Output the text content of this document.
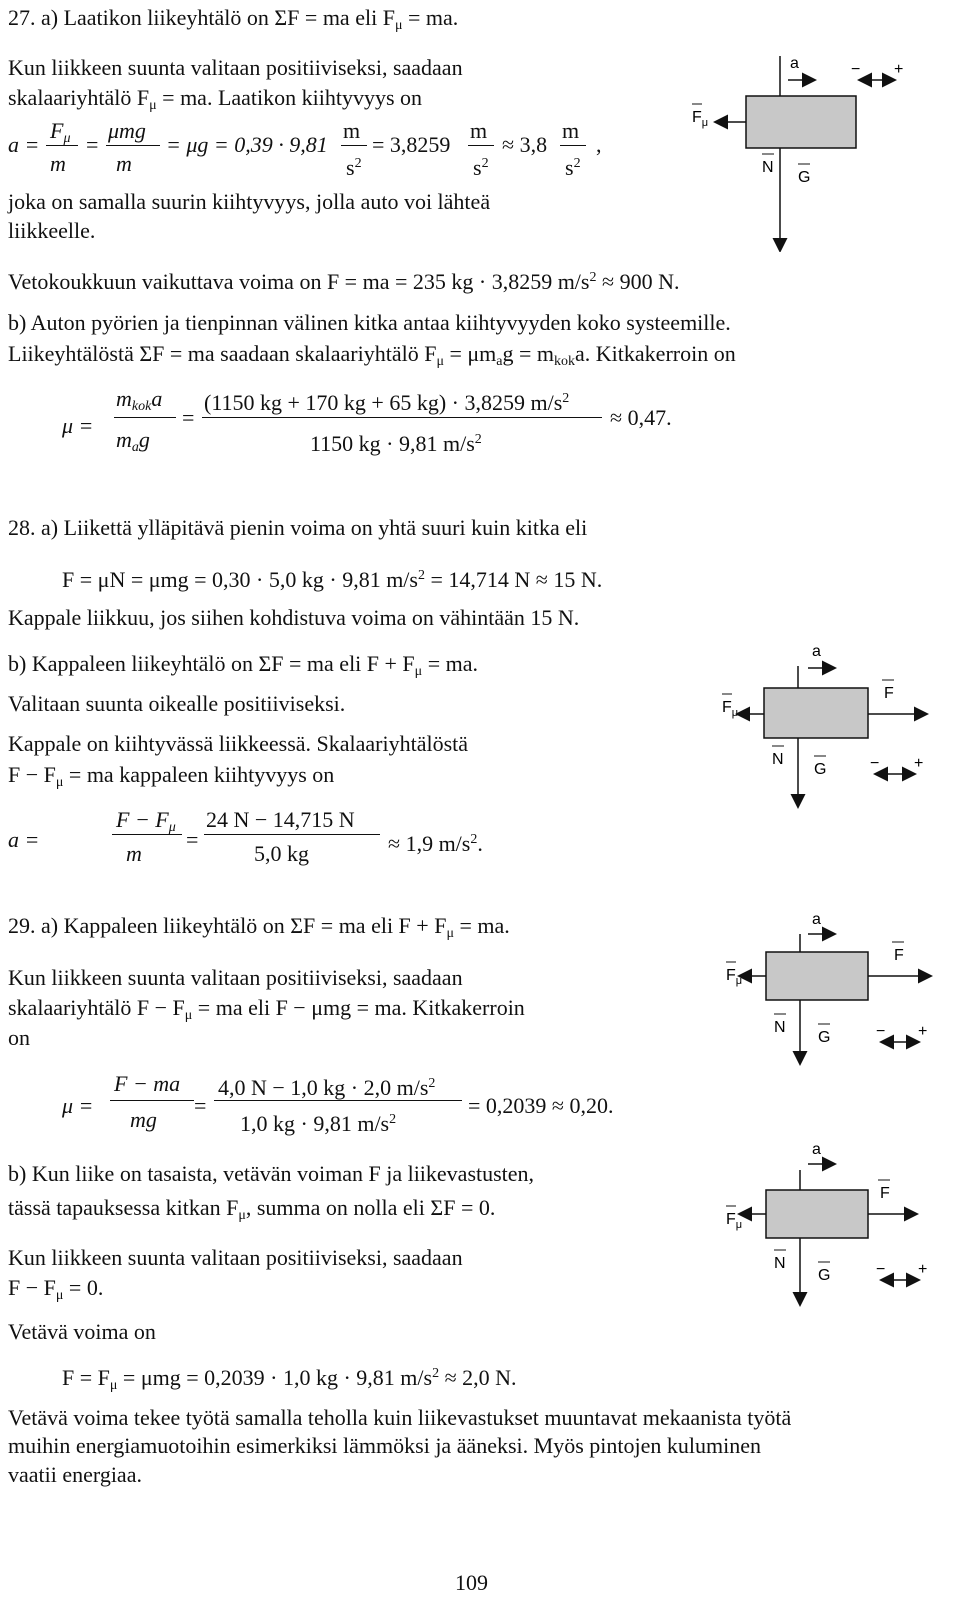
27. a) Laatikon liikeyhtälö on ΣF = ma eli $F_\mu$ = ma.
Kun liikkeen suunta valitaan positiiviseksi, saadaan
skalaariyhtälö $F_\mu$ = ma. Laatikon kiihtyvyys on
a =
$F_\mu$
m
=
μmg
m
= μg = 0,39 · 9,81
m
$s^2$
= 3,8259
m
$s^2$
≈ 3,8
m
$s^2$
,
joka on samalla suurin kiihtyvyys, jolla auto voi lähteä
liikkeelle.
Vetokoukkuun vaikuttava voima on F = ma = 235 kg · 3,8259 $m/s^2 \approx 900$ N.
b) Auton pyörien ja tienpinnan välinen kitka antaa kiihtyvyyden koko systeemille.
Liikeyhtälöstä ΣF = ma saadaan skalaariyhtälö $F_\mu = \mu m_ag = m_{kok}a$. Kitkakerroin on
μ =
$m_{kok}a$
$m_ag$
=
(1150 kg + 170 kg + 65 kg) · 3,8259 $m/s^2$
1150 kg · 9,81 $m/s^2$
≈ 0,47.
a	− +
$F_\mu$
N
G
28. a) Liikettä ylläpitävä pienin voima on yhtä suuri kuin kitka eli
F = μN = μmg = 0,30 · 5,0 kg · 9,81 $m/s^2 = 14,714$ N ≈ 15 N.
Kappale liikkuu, jos siihen kohdistuva voima on vähintään 15 N.
b) Kappaleen liikeyhtälö on ΣF = ma eli $F + F_\mu$ = ma.
Valitaan suunta oikealle positiiviseksi.
Kappale on kiihtyvässä liikkeessä. Skalaariyhtälöstä
$F - F_\mu$ = ma kappaleen kiihtyvyys on
a =
$F - F_\mu$
m
=
24 N − 14,715 N
5,0 kg	≈ 1,9 $m/s^2$.
a
F
$F_\mu$
N
G	− +
29. a) Kappaleen liikeyhtälö on ΣF = ma eli $F + F_\mu$ = ma.
Kun liikkeen suunta valitaan positiiviseksi, saadaan
skalaariyhtälö $F - F_\mu$ = ma eli F − μmg = ma. Kitkakerroin
on
μ =
F − ma
mg
=
4,0 N − 1,0 kg · 2,0 $m/s^2$
1,0 kg · 9,81 $m/s^2$
= 0,2039 ≈ 0,20.
b) Kun liike on tasaista, vetävän voiman F ja liikevastusten,
tässä tapauksessa kitkan $F_\mu$, summa on nolla eli ΣF = 0.
Kun liikkeen suunta valitaan positiiviseksi, saadaan
$F - F_\mu = 0$.
Vetävä voima on
$F = F_\mu = \mu mg = 0,2039 \cdot 1,0$ kg · 9,81 $m/s^2 \approx 2,0$ N.
Vetävä voima tekee työtä samalla teholla kuin liikevastukset muuntavat mekaanista työtä
muihin energiamuotoihin esimerkiksi lämmöksi ja ääneksi. Myös pintojen kuluminen
vaatii energiaa.
a
F
$F_\mu$
N
G	− +
a
F
$F_\mu$
N
G	− +
109
